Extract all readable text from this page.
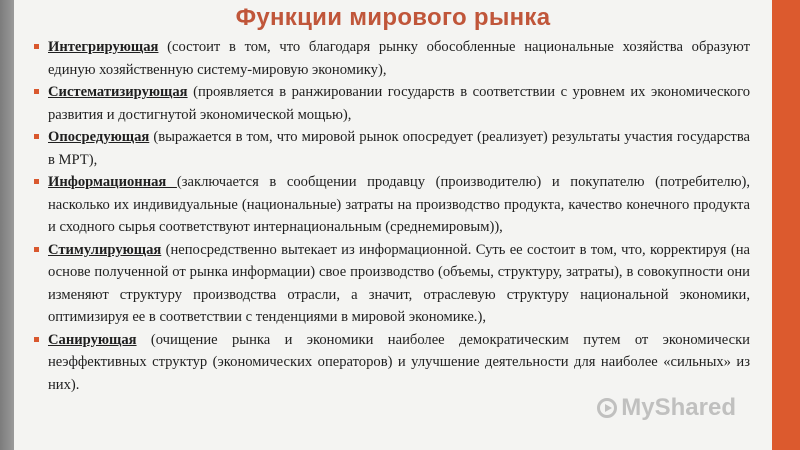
Функции мирового рынка
Интегрирующая (состоит в том, что благодаря рынку обособленные национальные хозяйства образуют единую хозяйственную систему-мировую экономику),
Систематизирующая (проявляется в ранжировании государств в соответствии с уровнем их экономического развития и достигнутой экономической мощью),
Опосредующая (выражается в том, что мировой рынок опосредует (реализует) результаты участия государства в МРТ),
Информационная (заключается в сообщении продавцу (производителю) и покупателю (потребителю), насколько их индивидуальные (национальные) затраты на производство продукта, качество конечного продукта и сходного сырья соответствуют интернациональным (среднемировым)),
Стимулирующая (непосредственно вытекает из информационной. Суть ее состоит в том, что, корректируя (на основе полученной от рынка информации) свое производство (объемы, структуру, затраты), в совокупности они изменяют структуру производства отрасли, а значит, отраслевую структуру национальной экономики, оптимизируя ее в соответствии с тенденциями в мировой экономике.),
Санирующая (очищение рынка и экономики наиболее демократическим путем от экономически неэффективных структур (экономических операторов) и улучшение деятельности для наиболее «сильных» из них).
MyShared
